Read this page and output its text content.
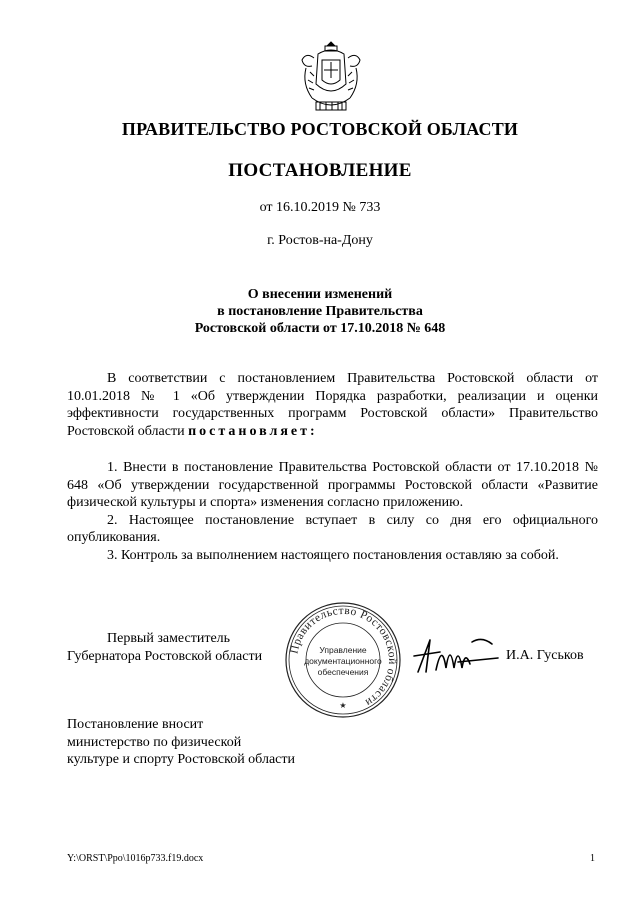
ПРАВИТЕЛЬСТВО РОСТОВСКОЙ ОБЛАСТИ
ПОСТАНОВЛЕНИЕ
от 16.10.2019 № 733
г. Ростов-на-Дону
О внесении изменений
в постановление Правительства
Ростовской области от 17.10.2018 № 648
В соответствии с постановлением Правительства Ростовской области от 10.01.2018 № 1 «Об утверждении Порядка разработки, реализации и оценки эффективности государственных программ Ростовской области» Правительство Ростовской области постановляет:
1. Внести в постановление Правительства Ростовской области от 17.10.2018 № 648 «Об утверждении государственной программы Ростовской области «Развитие физической культуры и спорта» изменения согласно приложению.
2. Настоящее постановление вступает в силу со дня его официального опубликования.
3. Контроль за выполнением настоящего постановления оставляю за собой.
Правительство Ростовской области
Управление
документационного
обеспечения
★
Первый заместитель
Губернатора Ростовской области	И.А. Гуськов
Постановление вносит
министерство по физической
культуре и спорту Ростовской области
Y:\ORST\Ppo\1016p733.f19.docx	1
